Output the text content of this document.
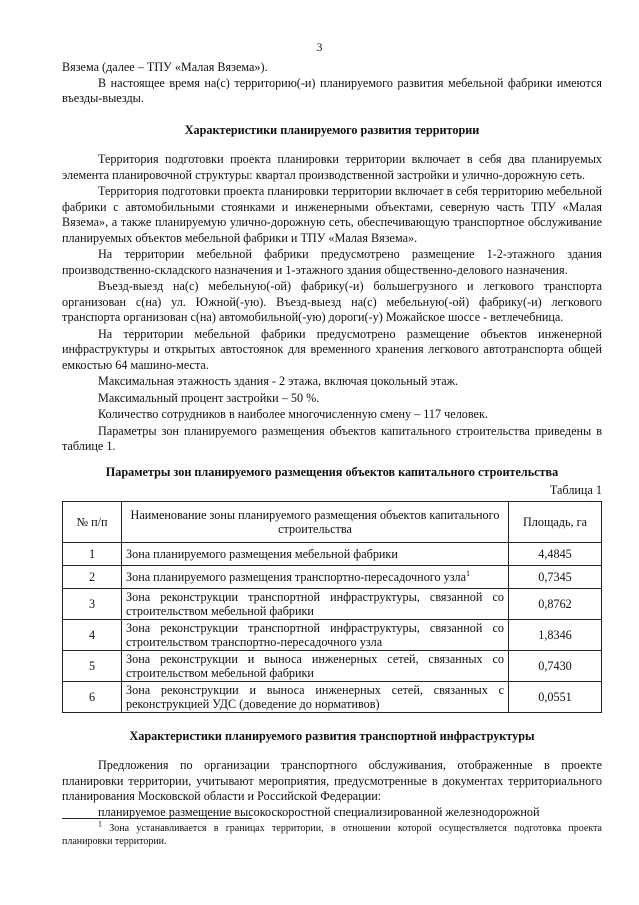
3

Вязема (далее – ТПУ «Малая Вязема»).

В настоящее время на(с) территорию(-и) планируемого развития мебельной фабрики имеются въезды-выезды.

Характеристики планируемого развития территории

Территория подготовки проекта планировки территории включает в себя два планируемых элемента планировочной структуры: квартал производственной застройки и улично-дорожную сеть.

Территория подготовки проекта планировки территории включает в себя территорию мебельной фабрики с автомобильными стоянками и инженерными объектами, северную часть ТПУ «Малая Вязема», а также планируемую улично-дорожную сеть, обеспечивающую транспортное обслуживание планируемых объектов мебельной фабрики и ТПУ «Малая Вязема».

На территории мебельной фабрики предусмотрено размещение 1-2-этажного здания производственно-складского назначения и 1-этажного здания общественно-делового назначения.

Въезд-выезд на(с) мебельную(-ой) фабрику(-и) большегрузного и легкового транспорта организован с(на) ул. Южной(-ую). Въезд-выезд на(с) мебельную(-ой) фабрику(-и) легкового транспорта организован с(на) автомобильной(-ую) дороги(-у) Можайское шоссе - ветлечебница.

На территории мебельной фабрики предусмотрено размещение объектов инженерной инфраструктуры и открытых автостоянок для временного хранения легкового автотранспорта общей емкостью 64 машино-места.

Максимальная этажность здания - 2 этажа, включая цокольный этаж.

Максимальный процент застройки – 50 %.

Количество сотрудников в наиболее многочисленную смену – 117 человек.

Параметры зон планируемого размещения объектов капитального строительства приведены в таблице 1.

Параметры зон планируемого размещения объектов капитального строительства

Таблица 1

№ п/п	Наименование зоны планируемого размещения объектов капитального строительства	Площадь, га
1	Зона планируемого размещения мебельной фабрики	4,4845
2	Зона планируемого размещения транспортно-пересадочного узла$^1$	0,7345
3	Зона реконструкции транспортной инфраструктуры, связанной со строительством мебельной фабрики	0,8762
4	Зона реконструкции транспортной инфраструктуры, связанной со строительством транспортно-пересадочного узла	1,8346
5	Зона реконструкции и выноса инженерных сетей, связанных со строительством мебельной фабрики	0,7430
6	Зона реконструкции и выноса инженерных сетей, связанных с реконструкцией УДС (доведение до нормативов)	0,0551

Характеристики планируемого развития транспортной инфраструктуры

Предложения по организации транспортного обслуживания, отображенные в проекте планировки территории, учитывают мероприятия, предусмотренные в документах территориального планирования Московской области и Российской Федерации:

планируемое размещение высокоскоростной специализированной железнодорожной

$^1$ Зона устанавливается в границах территории, в отношении которой осуществляется подготовка проекта планировки территории.
